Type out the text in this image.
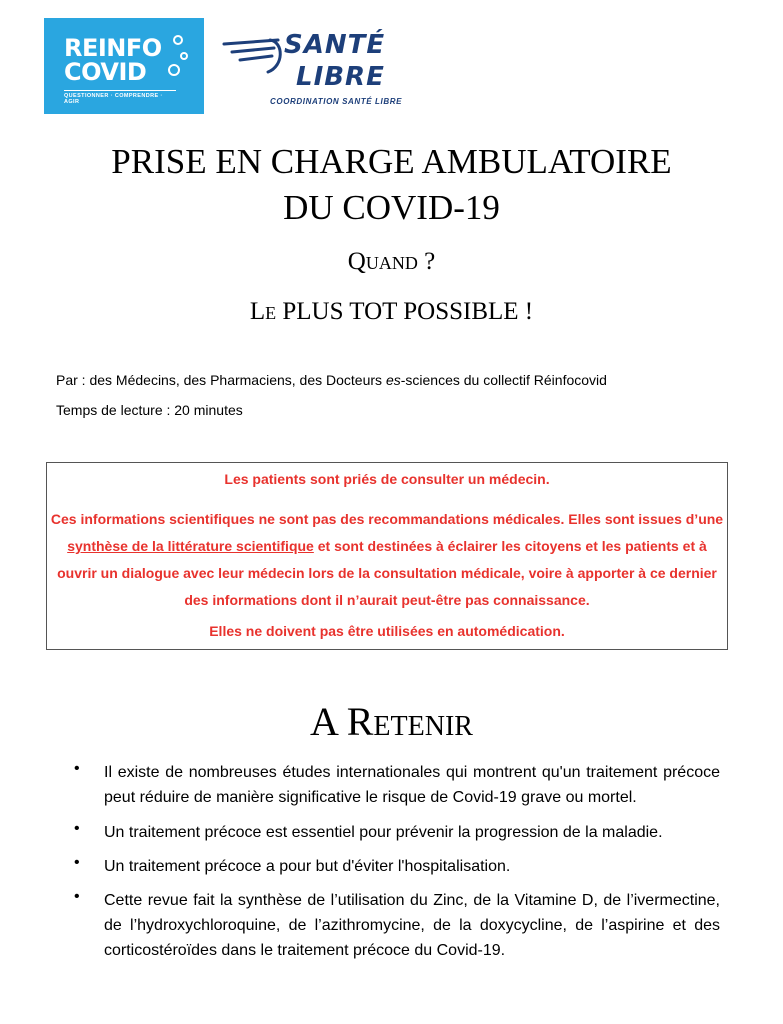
REINFO
COVID
QUESTIONNER · COMPRENDRE · AGIR
SANTÉ
LIBRE
COORDINATION SANTÉ LIBRE
PRISE EN CHARGE AMBULATOIRE
DU COVID-19
Quand ?
Le PLUS TOT POSSIBLE !
Par : des Médecins, des Pharmaciens, des Docteurs es-sciences du collectif Réinfocovid
Temps de lecture : 20 minutes
Les patients sont priés de consulter un médecin.
Ces informations scientifiques ne sont pas des recommandations médicales. Elles sont issues d’une synthèse de la littérature scientifique et sont destinées à éclairer les citoyens et les patients et à ouvrir un dialogue avec leur médecin lors de la consultation médicale, voire à apporter à ce dernier des informations dont il n’aurait peut-être pas connaissance.
Elles ne doivent pas être utilisées en automédication.
A Retenir
• Il existe de nombreuses études internationales qui montrent qu'un traitement précoce peut réduire de manière significative le risque de Covid-19 grave ou mortel.
• Un traitement précoce est essentiel pour prévenir la progression de la maladie.
• Un traitement précoce a pour but d'éviter l'hospitalisation.
• Cette revue fait la synthèse de l’utilisation du Zinc, de la Vitamine D, de l’ivermectine, de l’hydroxychloroquine, de l’azithromycine, de la doxycycline, de l’aspirine et des corticostéroïdes dans le traitement précoce du Covid-19.
